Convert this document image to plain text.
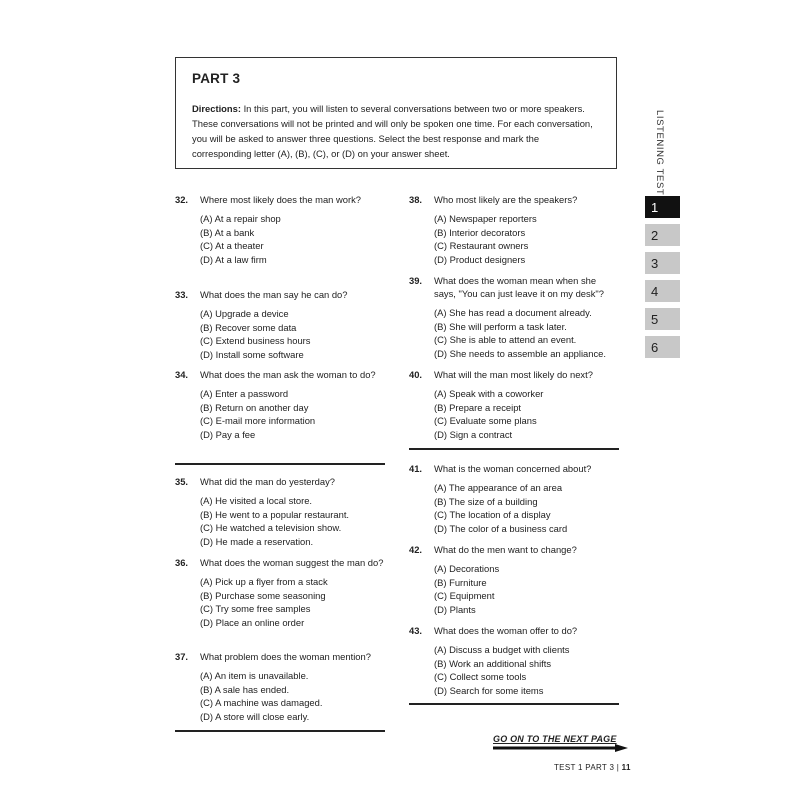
PART 3
Directions: In this part, you will listen to several conversations between two or more speakers. These conversations will not be printed and will only be spoken one time. For each conversation, you will be asked to answer three questions. Select the best response and mark the corresponding letter (A), (B), (C), or (D) on your answer sheet.
32.	Where most likely does the man work?
(A) At a repair shop
(B) At a bank
(C) At a theater
(D) At a law firm
33.	What does the man say he can do?
(A) Upgrade a device
(B) Recover some data
(C) Extend business hours
(D) Install some software
34.	What does the man ask the woman to do?
(A) Enter a password
(B) Return on another day
(C) E-mail more information
(D) Pay a fee
35.	What did the man do yesterday?
(A) He visited a local store.
(B) He went to a popular restaurant.
(C) He watched a television show.
(D) He made a reservation.
36.	What does the woman suggest the man do?
(A) Pick up a flyer from a stack
(B) Purchase some seasoning
(C) Try some free samples
(D) Place an online order
37.	What problem does the woman mention?
(A) An item is unavailable.
(B) A sale has ended.
(C) A machine was damaged.
(D) A store will close early.
38.	Who most likely are the speakers?
(A) Newspaper reporters
(B) Interior decorators
(C) Restaurant owners
(D) Product designers
39.	What does the woman mean when she says, "You can just leave it on my desk"?
(A) She has read a document already.
(B) She will perform a task later.
(C) She is able to attend an event.
(D) She needs to assemble an appliance.
40.	What will the man most likely do next?
(A) Speak with a coworker
(B) Prepare a receipt
(C) Evaluate some plans
(D) Sign a contract
41.	What is the woman concerned about?
(A) The appearance of an area
(B) The size of a building
(C) The location of a display
(D) The color of a business card
42.	What do the men want to change?
(A) Decorations
(B) Furniture
(C) Equipment
(D) Plants
43.	What does the woman offer to do?
(A) Discuss a budget with clients
(B) Work an additional shifts
(C) Collect some tools
(D) Search for some items
LISTENING TEST
1
2
3
4
5
6
GO ON TO THE NEXT PAGE
TEST 1 PART 3 | 11
